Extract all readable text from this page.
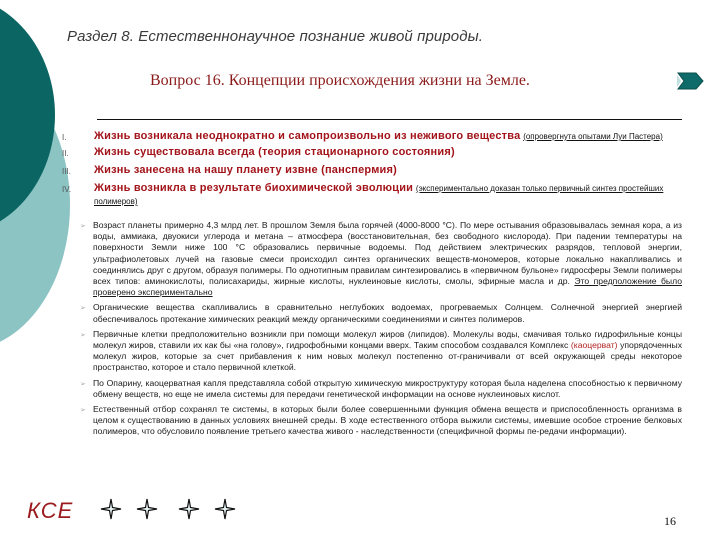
Раздел 8. Естественнонаучное познание живой природы.
Вопрос 16. Концепции происхождения жизни на Земле.
I.	Жизнь возникала неоднократно и самопроизвольно из неживого вещества (опровергнута опытами Луи Пастера)
II.	Жизнь существовала всегда (теория стационарного состояния)
III.	Жизнь занесена на нашу планету извне (панспермия)
IV.	Жизнь возникла в результате биохимической эволюции (экспериментально доказан только первичный синтез простейших полимеров)
➢ Возраст планеты примерно 4,3 млрд лет. В прошлом Земля была горячей (4000-8000 °С). По мере остывания образовывалась земная кора, а из воды, аммиака, двуокиси углерода и метана – атмосфера (восстановительная, без свободного кислорода). При падении температуры на поверхности Земли ниже 100 °С образовались первичные водоемы. Под действием электрических разрядов, тепловой энергии, ультрафиолетовых лучей на газовые смеси происходил синтез органических веществ-мономеров, которые локально накапливались и соединялись друг с другом, образуя полимеры. По однотипным правилам синтезировались в «первичном бульоне» гидросферы Земли полимеры всех типов: аминокислоты, полисахариды, жирные кислоты, нуклеиновые кислоты, смолы, эфирные масла и др. Это предположение было проверено экспериментально
➢ Органические вещества скапливались в сравнительно неглубоких водоемах, прогреваемых Солнцем. Солнечной энергией энергией обеспечивалось протекание химических реакций между органическими соединениями и синтез полимеров.
➢ Первичные клетки предположительно возникли при помощи молекул жиров (липидов). Молекулы воды, смачивая только гидрофильные концы молекул жиров, ставили их как бы «на голову», гидрофобными концами вверх. Таким способом создавался Комплекс (каоцерват) упорядоченных молекул жиров, которые за счет прибавления к ним новых молекул постепенно от-граничивали от всей окружающей среды некоторое пространство, которое и стало первичной клеткой.
➢ По Опарину, каоцерватная капля представляла собой открытую химическую микроструктуру которая была наделена способностью к первичному обмену веществ, но еще не имела системы для передачи генетической информации на основе нуклеиновых кислот.
➢ Естественный отбор сохранял те системы, в которых были более совершенными функция обмена веществ и приспособленность организма в целом к существованию в данных условиях внешней среды. В ходе естественного отбора выжили системы, имевшие особое строение белковых полимеров, что обусловило появление третьего качества живого - наследственности (специфичной формы пе-редачи информации).
КСЕ	16
